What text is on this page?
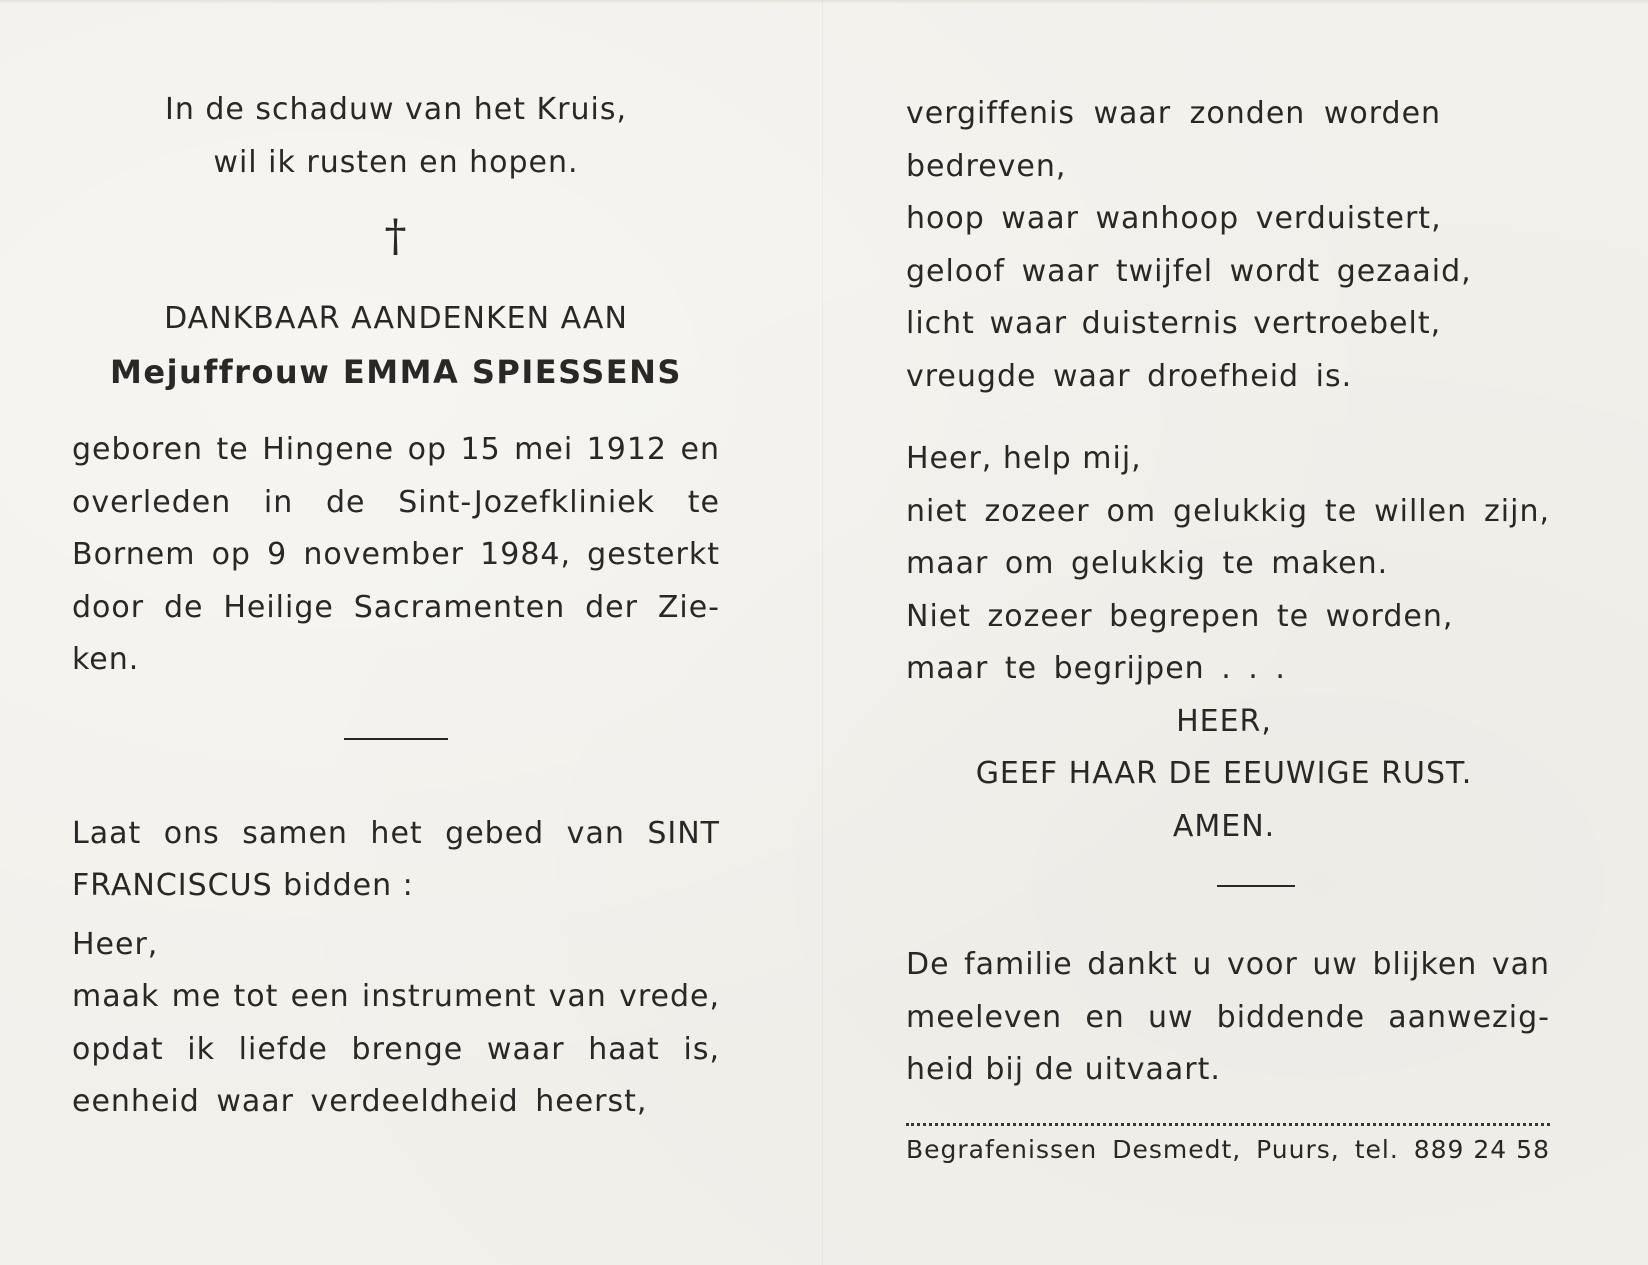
In de schaduw van het Kruis,
wil ik rusten en hopen.
†
DANKBAAR AANDENKEN AAN
Mejuffrouw EMMA SPIESSENS
geboren te Hingene op 15 mei 1912 en
overleden in de Sint-Jozefkliniek te
Bornem op 9 november 1984, gesterkt
door de Heilige Sacramenten der Zie-
ken.
Laat ons samen het gebed van SINT
FRANCISCUS bidden :
Heer,
maak me tot een instrument van vrede,
opdat ik liefde brenge waar haat is,
eenheid waar verdeeldheid heerst,
vergiffenis waar zonden worden
bedreven,
hoop waar wanhoop verduistert,
geloof waar twijfel wordt gezaaid,
licht waar duisternis vertroebelt,
vreugde waar droefheid is.
Heer, help mij,
niet zozeer om gelukkig te willen zijn,
maar om gelukkig te maken.
Niet zozeer begrepen te worden,
maar te begrijpen . . .
HEER,
GEEF HAAR DE EEUWIGE RUST.
AMEN.
De familie dankt u voor uw blijken van
meeleven en uw biddende aanwezig-
heid bij de uitvaart.
Begrafenissen Desmedt, Puurs, tel. 889 24 58
